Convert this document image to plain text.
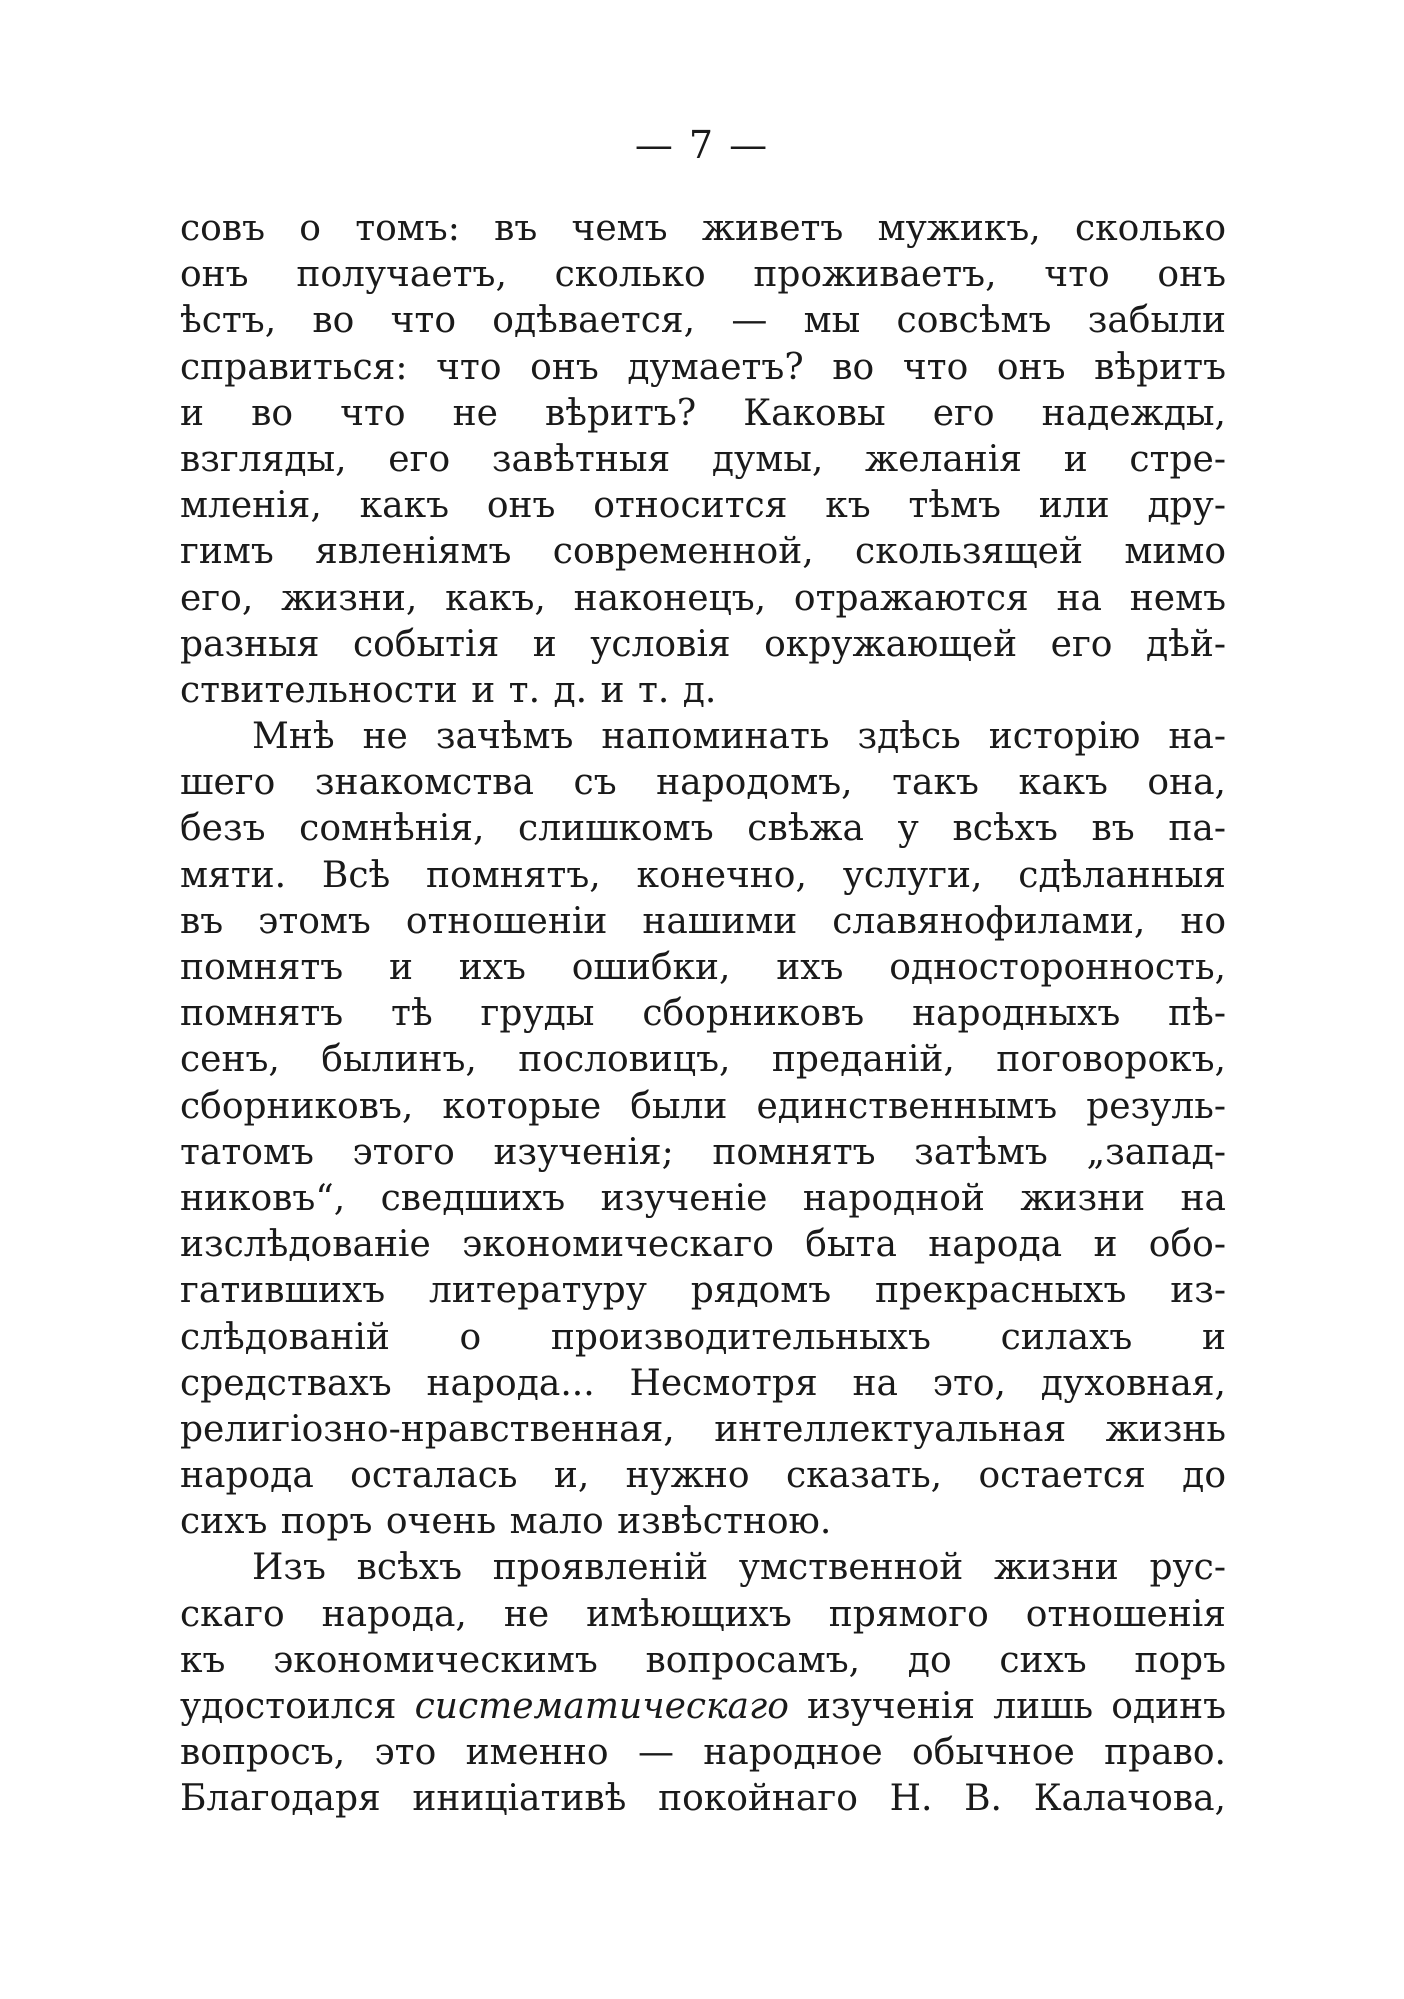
— 7 —
совъ о томъ: въ чемъ живетъ мужикъ, сколько
онъ получаетъ, сколько проживаетъ, что онъ
ѣстъ, во что одѣвается, — мы совсѣмъ забыли
справиться: что онъ думаетъ? во что онъ вѣритъ
и во что не вѣритъ? Каковы его надежды,
взгляды, его завѣтныя думы, желанія и стре-
мленія, какъ онъ относится къ тѣмъ или дру-
гимъ явленіямъ современной, скользящей мимо
его, жизни, какъ, наконецъ, отражаются на немъ
разныя событія и условія окружающей его дѣй-
ствительности и т. д. и т. д.
Мнѣ не зачѣмъ напоминать здѣсь исторію на-
шего знакомства съ народомъ, такъ какъ она,
безъ сомнѣнія, слишкомъ свѣжа у всѣхъ въ па-
мяти. Всѣ помнятъ, конечно, услуги, сдѣланныя
въ этомъ отношеніи нашими славянофилами, но
помнятъ и ихъ ошибки, ихъ односторонность,
помнятъ тѣ груды сборниковъ народныхъ пѣ-
сенъ, былинъ, пословицъ, преданій, поговорокъ,
сборниковъ, которые были единственнымъ резуль-
татомъ этого изученія; помнятъ затѣмъ „запад-
никовъ“, сведшихъ изученіе народной жизни на
изслѣдованіе экономическаго быта народа и обо-
гатившихъ литературу рядомъ прекрасныхъ из-
слѣдованій о производительныхъ силахъ и
средствахъ народа... Несмотря на это, духовная,
религіозно-нравственная, интеллектуальная жизнь
народа осталась и, нужно сказать, остается до
сихъ поръ очень мало извѣстною.
Изъ всѣхъ проявленій умственной жизни рус-
скаго народа, не имѣющихъ прямого отношенія
къ экономическимъ вопросамъ, до сихъ поръ
удостоился систематическаго изученія лишь одинъ
вопросъ, это именно — народное обычное право.
Благодаря иниціативѣ покойнаго Н. В. Калачова,
